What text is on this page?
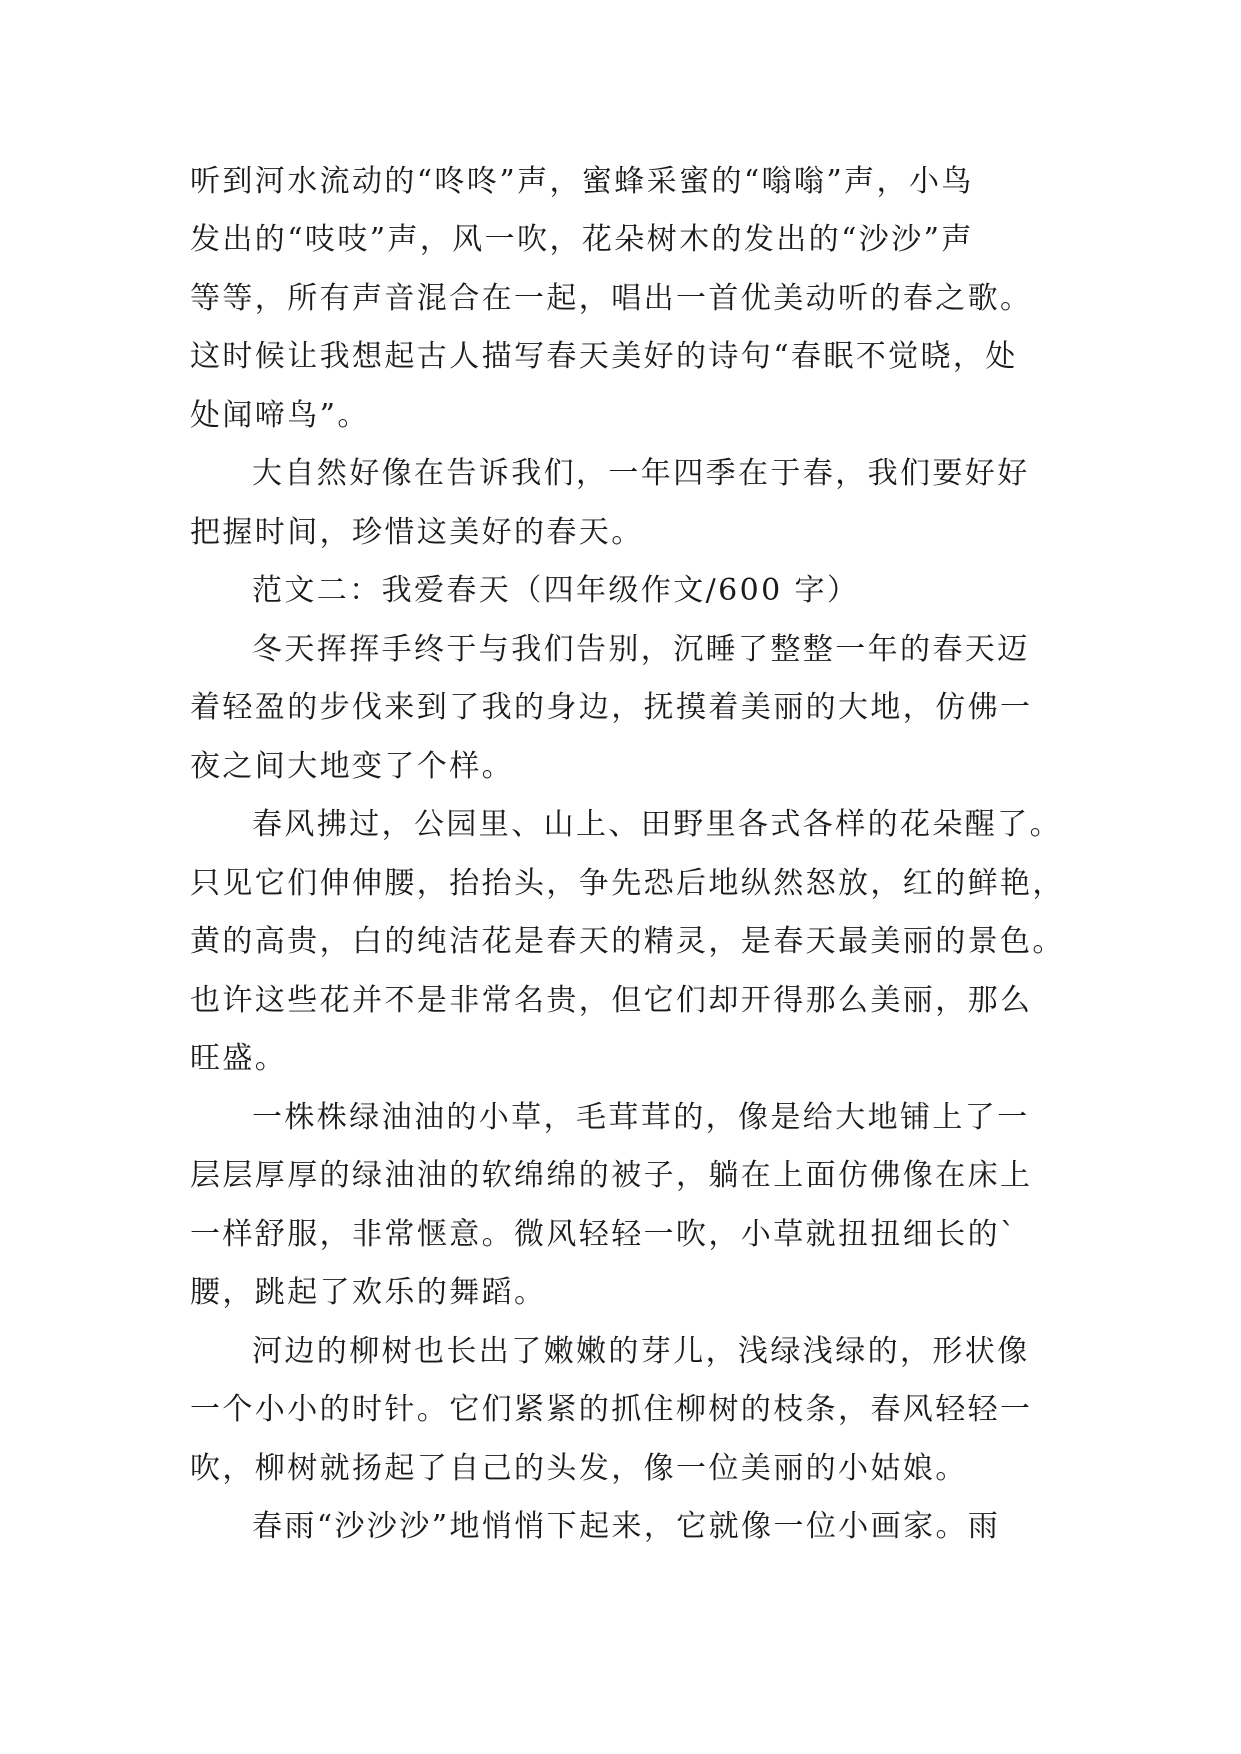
听到河水流动的“咚咚”声，蜜蜂采蜜的“嗡嗡”声，小鸟
发出的“吱吱”声，风一吹，花朵树木的发出的“沙沙”声
等等，所有声音混合在一起，唱出一首优美动听的春之歌。
这时候让我想起古人描写春天美好的诗句“春眠不觉晓，处
处闻啼鸟”。
大自然好像在告诉我们，一年四季在于春，我们要好好
把握时间，珍惜这美好的春天。
范文二：我爱春天（四年级作文/600 字）
冬天挥挥手终于与我们告别，沉睡了整整一年的春天迈
着轻盈的步伐来到了我的身边，抚摸着美丽的大地，仿佛一
夜之间大地变了个样。
春风拂过，公园里、山上、田野里各式各样的花朵醒了。
只见它们伸伸腰，抬抬头，争先恐后地纵然怒放，红的鲜艳，
黄的高贵，白的纯洁花是春天的精灵，是春天最美丽的景色。
也许这些花并不是非常名贵，但它们却开得那么美丽，那么
旺盛。
一株株绿油油的小草，毛茸茸的，像是给大地铺上了一
层层厚厚的绿油油的软绵绵的被子，躺在上面仿佛像在床上
一样舒服，非常惬意。微风轻轻一吹，小草就扭扭细长的`
腰，跳起了欢乐的舞蹈。
河边的柳树也长出了嫩嫩的芽儿，浅绿浅绿的，形状像
一个小小的时针。它们紧紧的抓住柳树的枝条，春风轻轻一
吹，柳树就扬起了自己的头发，像一位美丽的小姑娘。
春雨“沙沙沙”地悄悄下起来，它就像一位小画家。雨
